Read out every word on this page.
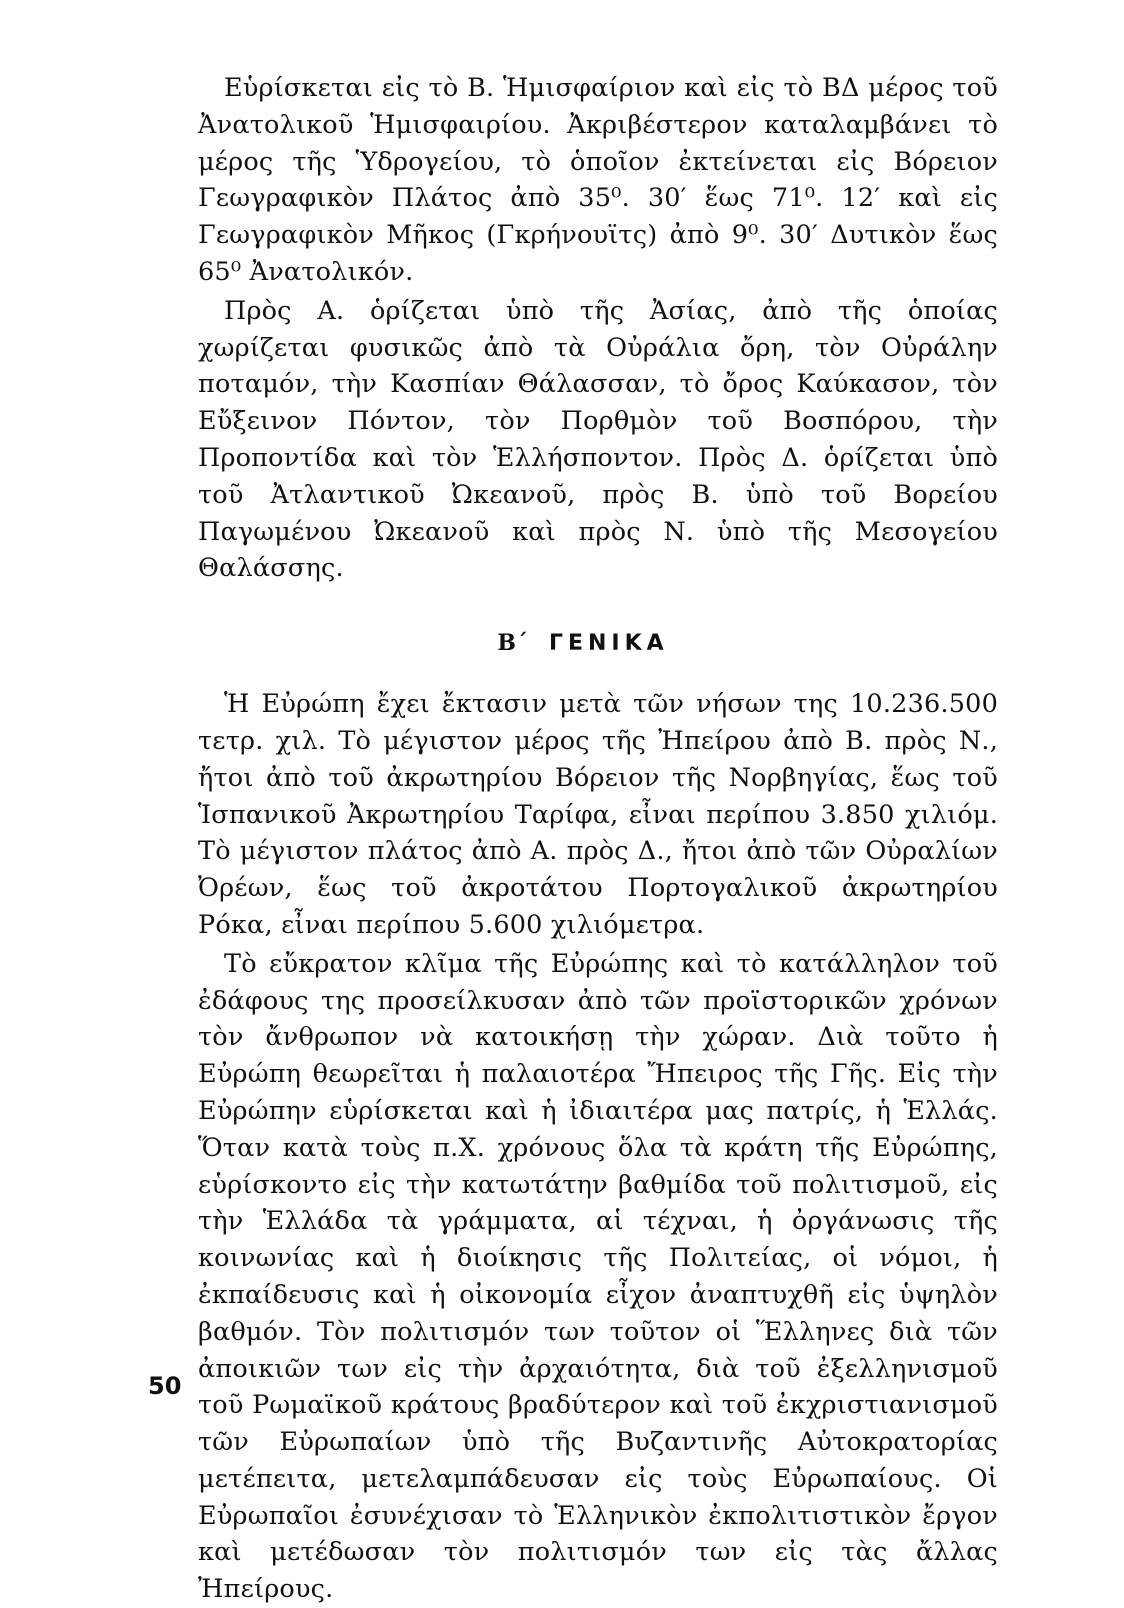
Εὑρίσκεται εἰς τὸ Β. Ἡμισφαίριον καὶ εἰς τὸ ΒΔ μέρος τοῦ Ἀνατολικοῦ Ἡμισφαιρίου. Ἀκριβέστερον καταλαμβάνει τὸ μέρος τῆς Ὑδρογείου, τὸ ὁποῖον ἐκτείνεται εἰς Βόρειον Γεωγραφικὸν Πλάτος ἀπὸ 35⁰. 30′ ἕως 71⁰. 12′ καὶ εἰς Γεωγραφικὸν Μῆκος (Γκρήνουϊτς) ἀπὸ 9⁰. 30′ Δυτικὸν ἕως 65⁰ Ἀνατολικόν.

Πρὸς Α. ὁρίζεται ὑπὸ τῆς Ἀσίας, ἀπὸ τῆς ὁποίας χωρίζεται φυσικῶς ἀπὸ τὰ Οὐράλια ὄρη, τὸν Οὐράλην ποταμόν, τὴν Κασπίαν Θάλασσαν, τὸ ὄρος Καύκασον, τὸν Εὔξεινον Πόντον, τὸν Πορθμὸν τοῦ Βοσπόρου, τὴν Προποντίδα καὶ τὸν Ἑλλήσποντον. Πρὸς Δ. ὁρίζεται ὑπὸ τοῦ Ἀτλαντικοῦ Ὠκεανοῦ, πρὸς Β. ὑπὸ τοῦ Βορείου Παγωμένου Ὠκεανοῦ καὶ πρὸς Ν. ὑπὸ τῆς Μεσογείου Θαλάσσης.

Β΄ ΓΕΝΙΚΑ

Ἡ Εὐρώπη ἔχει ἔκτασιν μετὰ τῶν νήσων της 10.236.500 τετρ. χιλ. Τὸ μέγιστον μέρος τῆς Ἠπείρου ἀπὸ Β. πρὸς Ν., ἤτοι ἀπὸ τοῦ ἀκρωτηρίου Βόρειον τῆς Νορβηγίας, ἕως τοῦ Ἱσπανικοῦ Ἀκρωτηρίου Ταρίφα, εἶναι περίπου 3.850 χιλιόμ. Τὸ μέγιστον πλάτος ἀπὸ Α. πρὸς Δ., ἤτοι ἀπὸ τῶν Οὐραλίων Ὀρέων, ἕως τοῦ ἀκροτάτου Πορτογαλικοῦ ἀκρωτηρίου Ρόκα, εἶναι περίπου 5.600 χιλιόμετρα.

Τὸ εὔκρατον κλῖμα τῆς Εὐρώπης καὶ τὸ κατάλληλον τοῦ ἐδάφους της προσείλκυσαν ἀπὸ τῶν προϊστορικῶν χρόνων τὸν ἄνθρωπον νὰ κατοικήσῃ τὴν χώραν. Διὰ τοῦτο ἡ Εὐρώπη θεωρεῖται ἡ παλαιοτέρα Ἤπειρος τῆς Γῆς. Εἰς τὴν Εὐρώπην εὑρίσκεται καὶ ἡ ἰδιαιτέρα μας πατρίς, ἡ Ἑλλάς. Ὅταν κατὰ τοὺς π.Χ. χρόνους ὅλα τὰ κράτη τῆς Εὐρώπης, εὑρίσκοντο εἰς τὴν κατωτάτην βαθμίδα τοῦ πολιτισμοῦ, εἰς τὴν Ἑλλάδα τὰ γράμματα, αἱ τέχναι, ἡ ὀργάνωσις τῆς κοινωνίας καὶ ἡ διοίκησις τῆς Πολιτείας, οἱ νόμοι, ἡ ἐκπαίδευσις καὶ ἡ οἰκονομία εἶχον ἀναπτυχθῆ εἰς ὑψηλὸν βαθμόν. Τὸν πολιτισμόν των τοῦτον οἱ Ἕλληνες διὰ τῶν ἀποικιῶν των εἰς τὴν ἀρχαιότητα, διὰ τοῦ ἐξελληνισμοῦ τοῦ Ρωμαϊκοῦ κράτους βραδύτερον καὶ τοῦ ἐκχριστιανισμοῦ τῶν Εὐρωπαίων ὑπὸ τῆς Βυζαντινῆς Αὐτοκρατορίας μετέπειτα, μετελαμπάδευσαν εἰς τοὺς Εὐρωπαίους. Οἱ Εὐρωπαῖοι ἐσυνέχισαν τὸ Ἑλληνικὸν ἐκπολιτιστικὸν ἔργον καὶ μετέδωσαν τὸν πολιτισμόν των εἰς τὰς ἄλλας Ἠπείρους.

50
